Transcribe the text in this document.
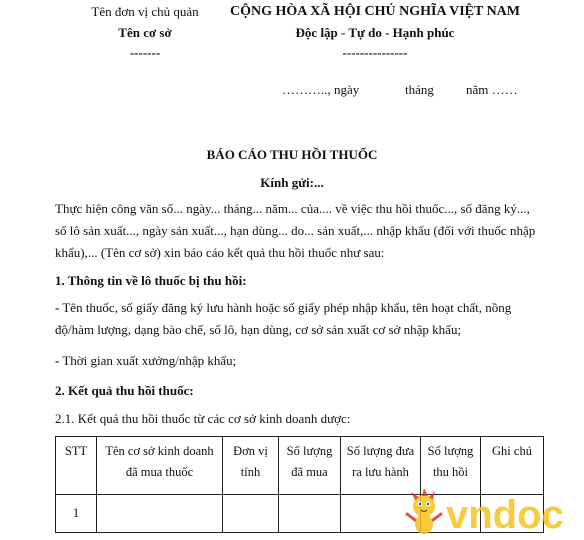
Tên đơn vị chủ quản
Tên cơ sở
-------
CỘNG HÒA XÃ HỘI CHỦ NGHĨA VIỆT NAM
Độc lập - Tự do - Hạnh phúc
---------------
……….., ngày	tháng năm ……
BÁO CÁO THU HỒI THUỐC
Kính gửi:...
Thực hiện công văn số... ngày... tháng... năm... của.... về việc thu hồi thuốc..., số đăng ký..., số lô sản xuất..., ngày sản xuất..., hạn dùng... do... sản xuất,... nhập khẩu (đối với thuốc nhập khẩu),... (Tên cơ sở) xin báo cáo kết quả thu hồi thuốc như sau:
1. Thông tin về lô thuốc bị thu hồi:
- Tên thuốc, số giấy đăng ký lưu hành hoặc số giấy phép nhập khẩu, tên hoạt chất, nồng độ/hàm lượng, dạng bào chế, số lô, hạn dùng, cơ sở sản xuất cơ sở nhập khẩu;
- Thời gian xuất xưởng/nhập khẩu;
2. Kết quả thu hồi thuốc:
2.1. Kết quả thu hồi thuốc từ các cơ sở kinh doanh dược:
STT	Tên cơ sở kinh doanh đã mua thuốc	Đơn vị tính	Số lượng đã mua	Số lượng đưa ra lưu hành	Số lượng thu hồi	Ghi chú
1							vndoc
